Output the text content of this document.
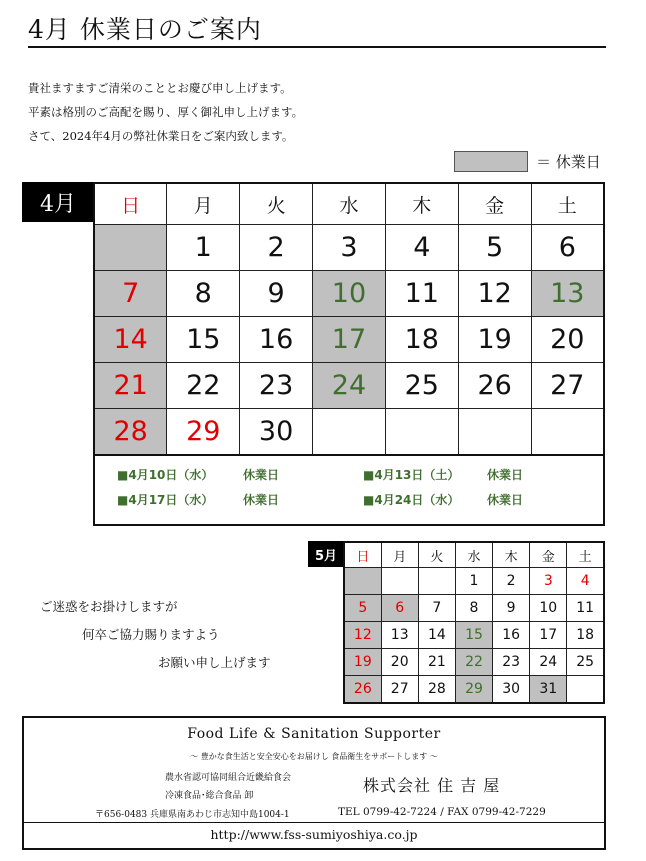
4月 休業日のご案内
貴社ますますご清栄のこととお慶び申し上げます。
平素は格別のご高配を賜り、厚く御礼申し上げます。
さて、2024年4月の弊社休業日をご案内致します。
＝ 休業日
4月	日	月	火	水	木	金	土
	1	2	3	4	5	6
7	8	9	10	11	12	13
14	15	16	17	18	19	20
21	22	23	24	25	26	27
28	29	30				
■4月10日（水） 休業日	■4月13日（土） 休業日
■4月17日（水） 休業日	■4月24日（水） 休業日
5月	日	月	火	水	木	金	土
			1	2	3	4
5	6	7	8	9	10	11
12	13	14	15	16	17	18
19	20	21	22	23	24	25
26	27	28	29	30	31	
ご迷惑をお掛けしますが
何卒ご協力賜りますよう
お願い申し上げます
Food Life & Sanitation Supporter
～ 豊かな食生活と安全安心をお届けし 食品衛生をサポートします ～
農水省認可協同組合近畿給食会
冷凍食品･総合食品 卸
株式会社 住 吉 屋
〒656-0483 兵庫県南あわじ市志知中島1004-1	TEL 0799-42-7224 / FAX 0799-42-7229
http://www.fss-sumiyoshiya.co.jp
